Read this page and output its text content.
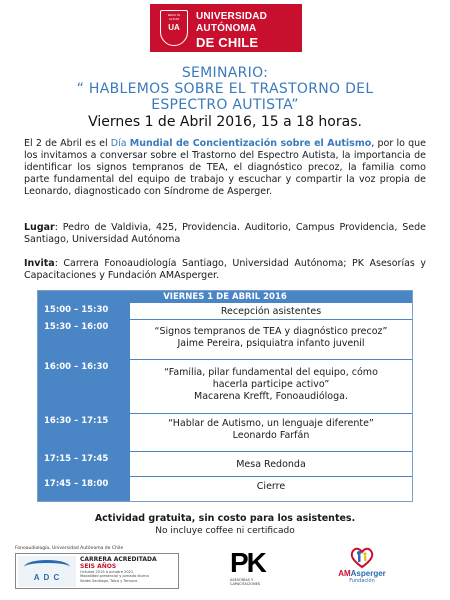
EDUC IN ALTUM
UA
UNIVERSIDAD
AUTÓNOMA
DE CHILE
SEMINARIO:
“ HABLEMOS SOBRE EL TRASTORNO DEL
ESPECTRO AUTISTA”
Viernes 1 de Abril 2016, 15 a 18 horas.

El 2 de Abril es el Día Mundial de Concientización sobre el Autismo, por lo que los invitamos a conversar sobre el Trastorno del Espectro Autista, la importancia de identificar los signos tempranos de TEA, el diagnóstico precoz, la familia como parte fundamental del equipo de trabajo y escuchar y compartir la voz propia de Leonardo, diagnosticado con Síndrome de Asperger.

Lugar: Pedro de Valdivia, 425, Providencia. Auditorio, Campus Providencia, Sede Santiago, Universidad Autónoma

Invita: Carrera Fonoaudiología Santiago, Universidad Autónoma; PK Asesorías y Capacitaciones y Fundación AMAsperger.

VIERNES 1 DE ABRIL 2016
15:00 – 15:30	Recepción asistentes
15:30 – 16:00	“Signos tempranos de TEA y diagnóstico precoz”
Jaime Pereira, psiquiatra infanto juvenil
16:00 – 16:30	“Familia, pilar fundamental del equipo, cómo
hacerla participe activo”
Macarena Krefft, Fonoaudióloga.
16:30 – 17:15	“Hablar de Autismo, un lenguaje diferente”
Leonardo Farfán
17:15 – 17:45	Mesa Redonda
17:45 – 18:00	Cierre
Actividad gratuita, sin costo para los asistentes.
No incluye coffee ni certificado
Fonoaudiología, Universidad Autónoma de Chile
A D C
CARRERA ACREDITADA
SEIS AÑOS
Octubre 2015 a octubre 2021
Modalidad presencial y jornada diurna
Sedes Santiago, Talca y Temuco
PK
ASESORÍAS Y
CAPACITACIONES
AMAsperger
Fundación
